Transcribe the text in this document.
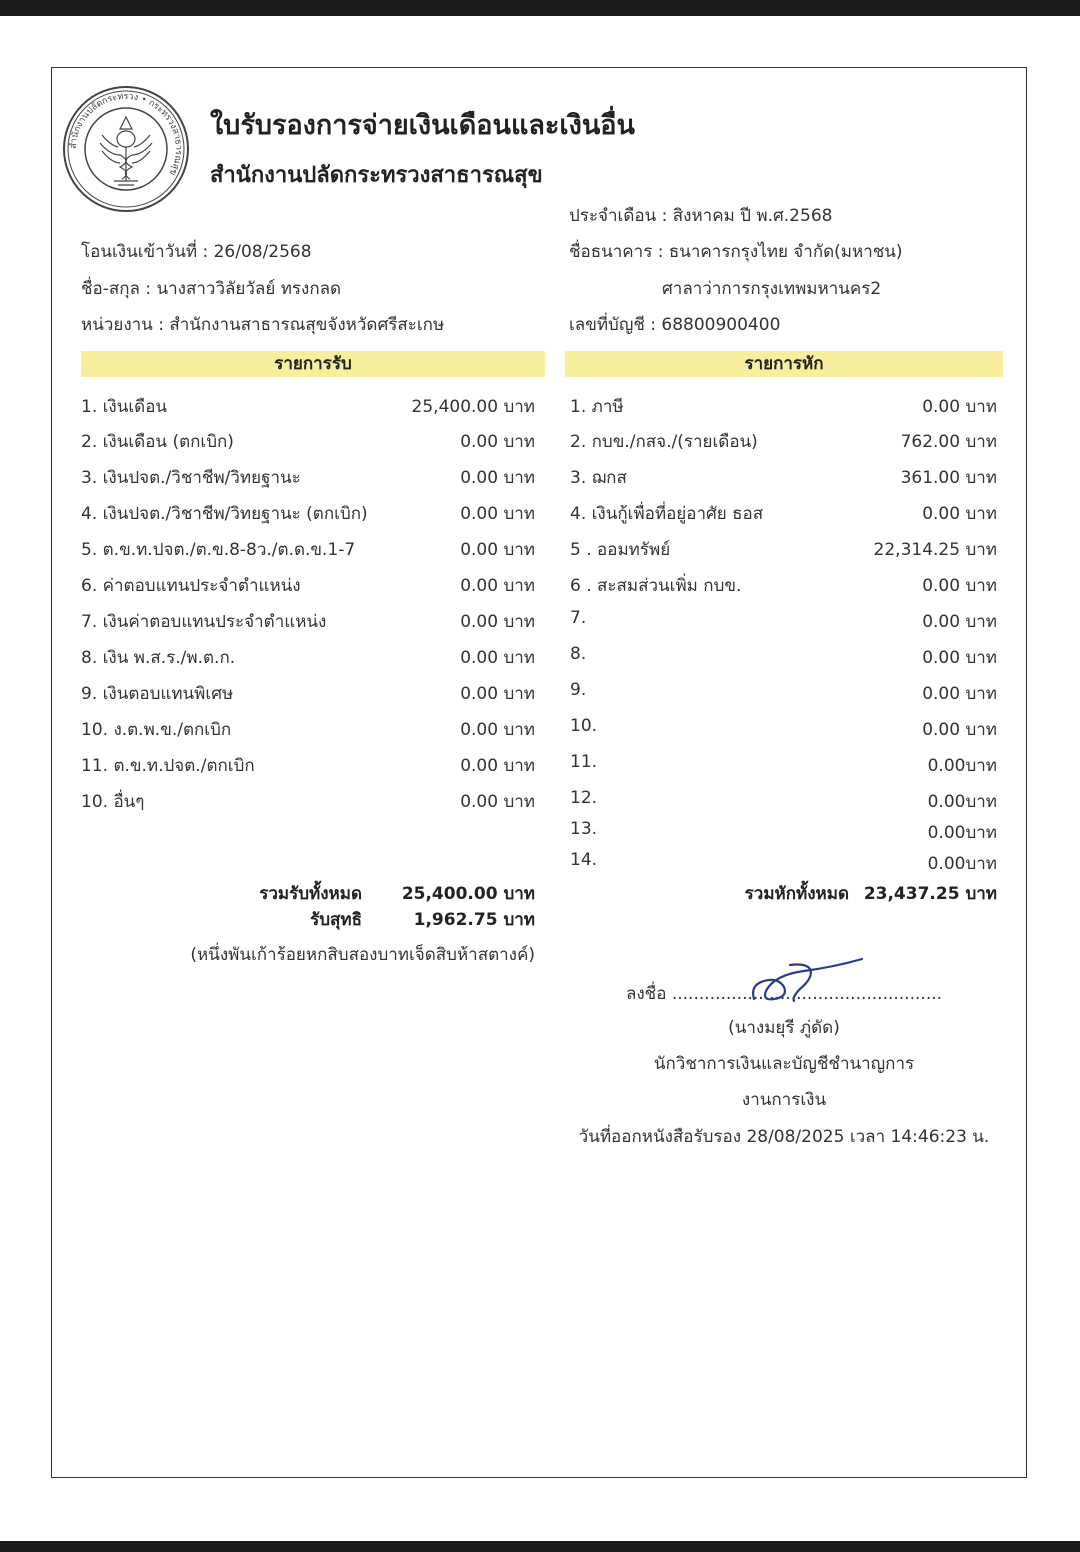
สำนักงานปลัดกระทรวง • กระทรวงสาธารณสุข
ใบรับรองการจ่ายเงินเดือนและเงินอื่น
สำนักงานปลัดกระทรวงสาธารณสุข
ประจำเดือน : สิงหาคม ปี พ.ศ.2568
โอนเงินเข้าวันที่ : 26/08/2568	ชื่อธนาคาร : ธนาคารกรุงไทย จำกัด(มหาชน)
ชื่อ-สกุล : นางสาววิลัยวัลย์ ทรงกลด	ศาลาว่าการกรุงเทพมหานคร2
หน่วยงาน : สำนักงานสาธารณสุขจังหวัดศรีสะเกษ	เลขที่บัญชี : 68800900400
รายการรับ	รายการหัก
1. เงินเดือน	25,400.00 บาท
2. เงินเดือน (ตกเบิก)	0.00 บาท
3. เงินปจต./วิชาชีพ/วิทยฐานะ	0.00 บาท
4. เงินปจต./วิชาชีพ/วิทยฐานะ (ตกเบิก)	0.00 บาท
5. ต.ข.ท.ปจต./ต.ข.8-8ว./ต.ด.ข.1-7	0.00 บาท
6. ค่าตอบแทนประจำตำแหน่ง	0.00 บาท
7. เงินค่าตอบแทนประจำตำแหน่ง	0.00 บาท
8. เงิน พ.ส.ร./พ.ต.ก.	0.00 บาท
9. เงินตอบแทนพิเศษ	0.00 บาท
10. ง.ต.พ.ข./ตกเบิก	0.00 บาท
11. ต.ข.ท.ปจต./ตกเบิก	0.00 บาท
10. อื่นๆ	0.00 บาท
1. ภาษี	0.00 บาท
2. กบข./กสจ./(รายเดือน)	762.00 บาท
3. ฌกส	361.00 บาท
4. เงินกู้เพื่อที่อยู่อาศัย ธอส	0.00 บาท
5 . ออมทรัพย์	22,314.25 บาท
6 . สะสมส่วนเพิ่ม กบข.	0.00 บาท
7.	0.00 บาท
8.	0.00 บาท
9.	0.00 บาท
10.	0.00 บาท
11.	0.00บาท
12.	0.00บาท
13.	0.00บาท
14.	0.00บาท
รวมรับทั้งหมด	25,400.00 บาท
รับสุทธิ	1,962.75 บาท
(หนึ่งพันเก้าร้อยหกสิบสองบาทเจ็ดสิบห้าสตางค์)
รวมหักทั้งหมด 23,437.25 บาท
ลงชื่อ ..................................................
(นางมยุรี ภู่ดัด)
นักวิชาการเงินและบัญชีชำนาญการ
งานการเงิน
วันที่ออกหนังสือรับรอง 28/08/2025 เวลา 14:46:23 น.
